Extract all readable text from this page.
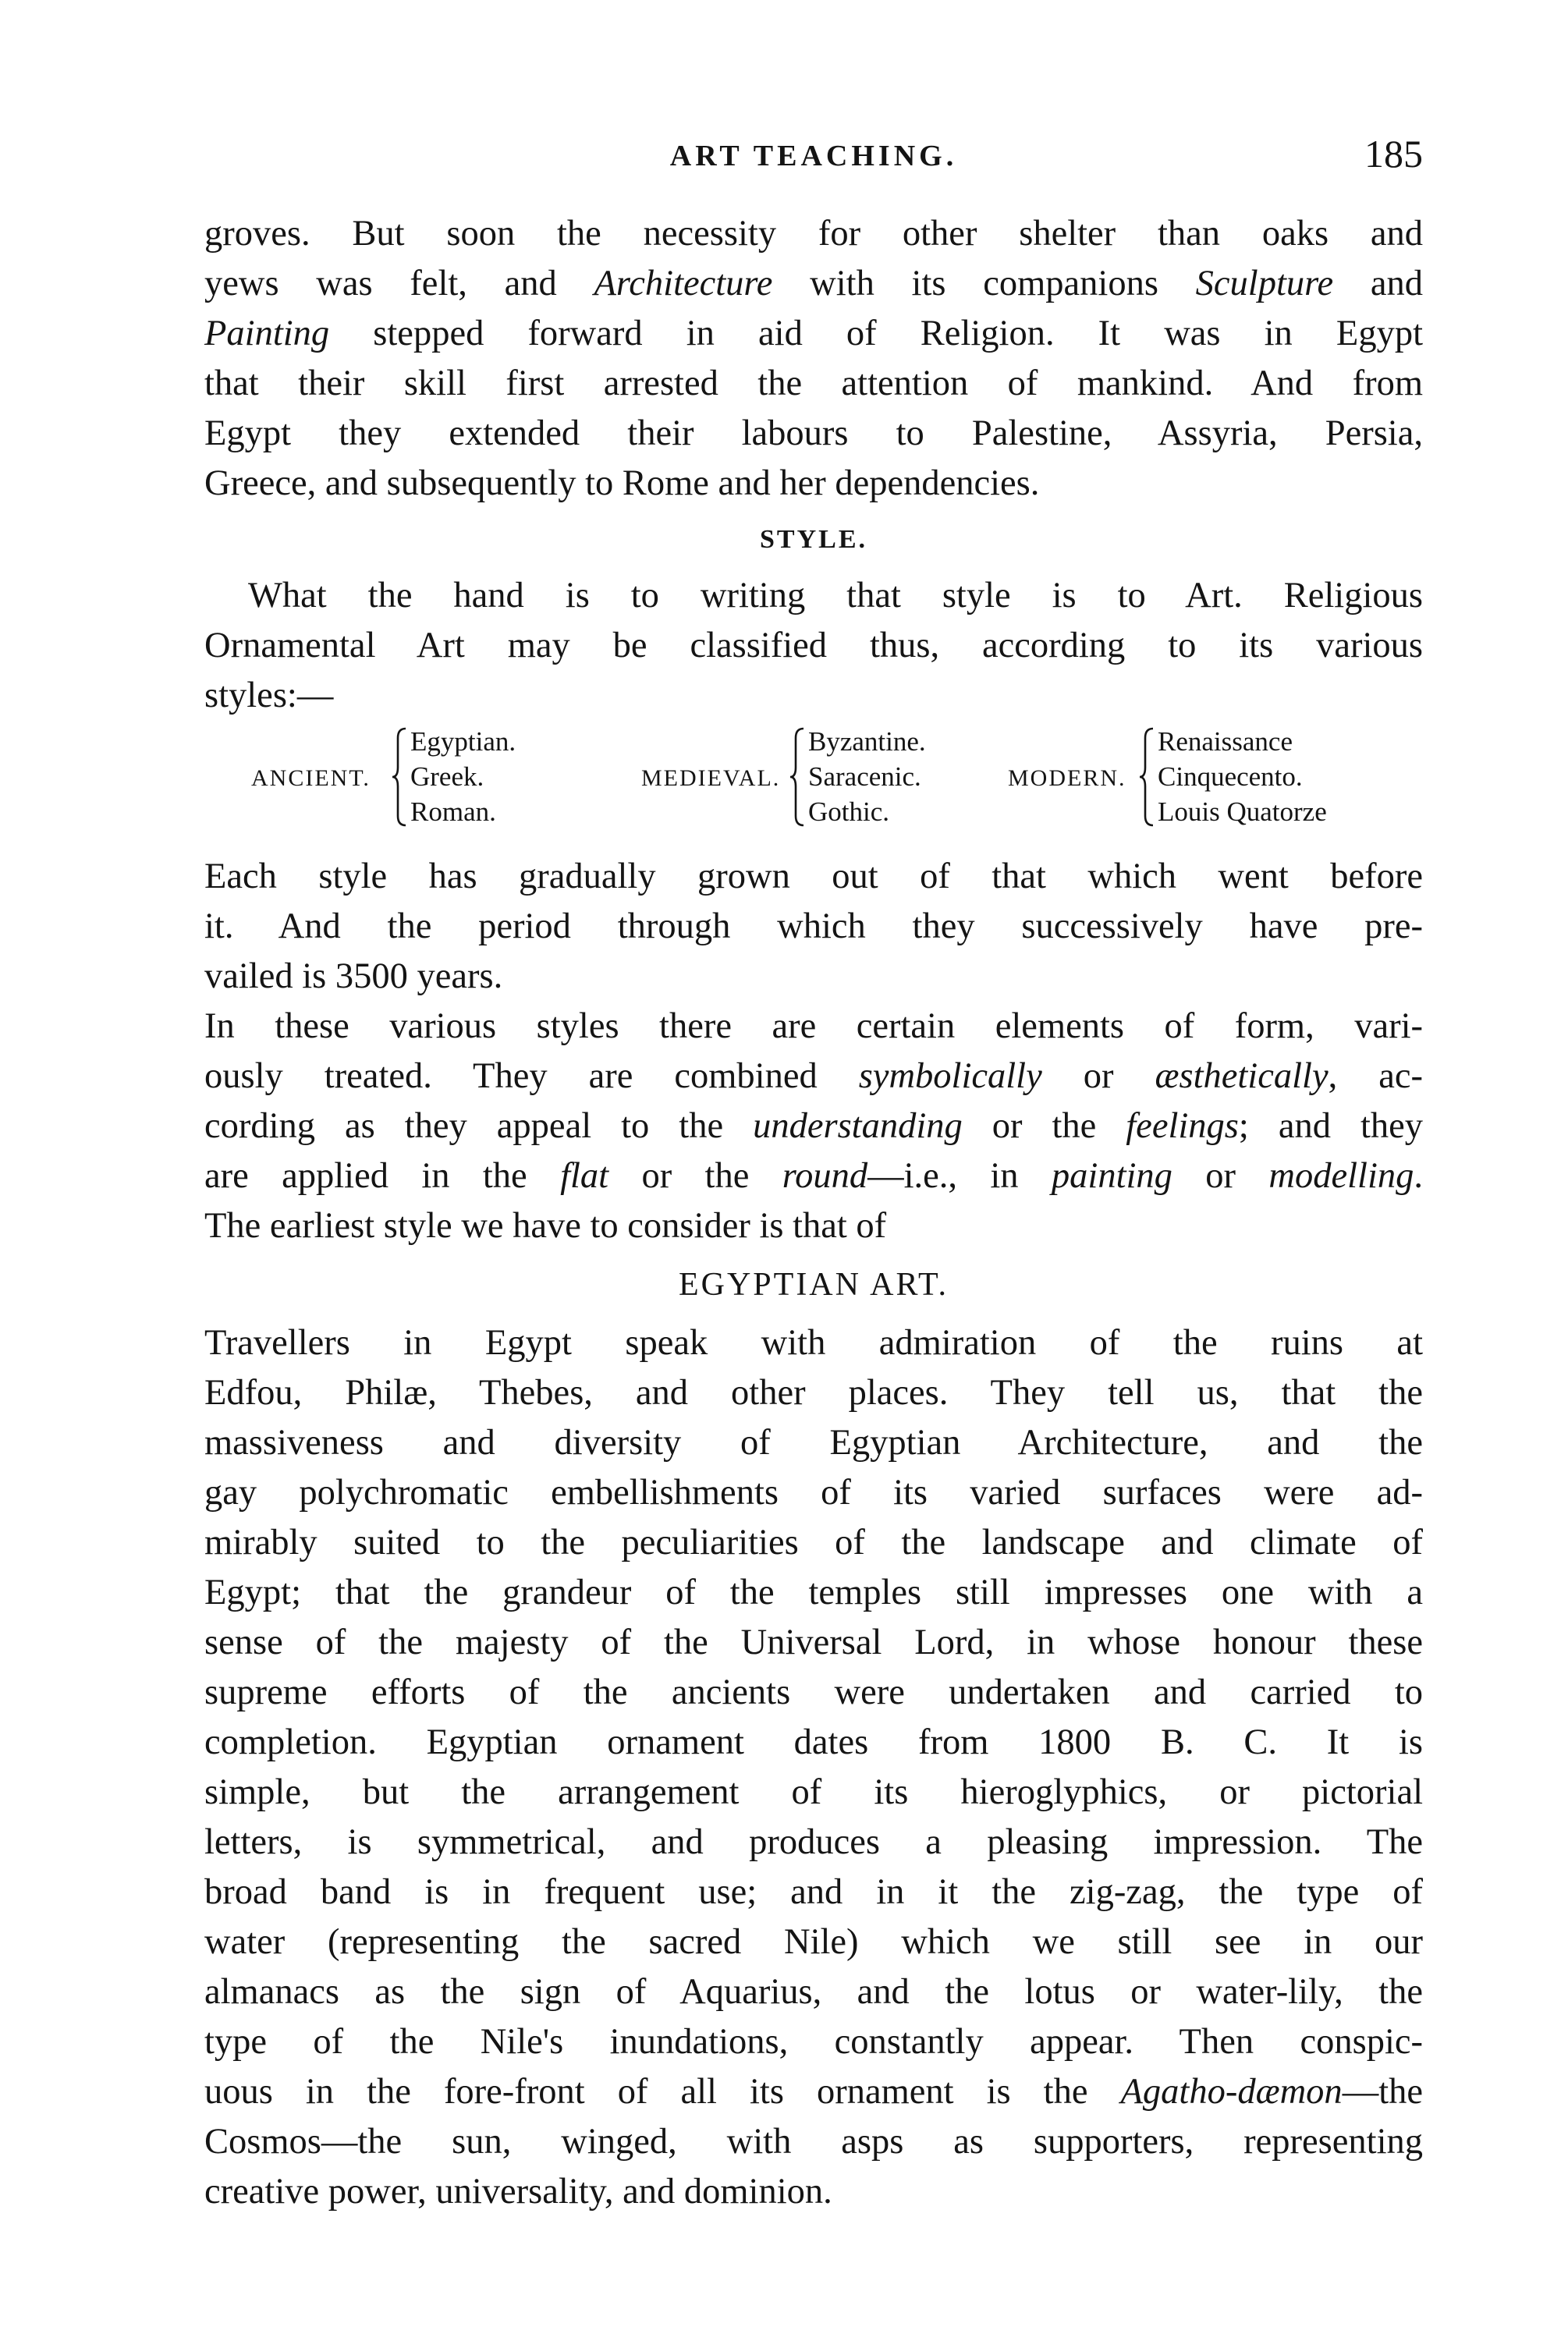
ART TEACHING.	185

groves. But soon the necessity for other shelter than oaks and

yews was felt, and Architecture with its companions Sculpture and

Painting stepped forward in aid of Religion. It was in Egypt

that their skill first arrested the attention of mankind. And from

Egypt they extended their labours to Palestine, Assyria, Persia,

Greece, and subsequently to Rome and her dependencies.

STYLE.

What the hand is to writing that style is to Art. Religious

Ornamental Art may be classified thus, according to its various

styles:—

ANCIENT.
Egyptian.
Greek.
Roman.
MEDIEVAL.
Byzantine.
Saracenic.
Gothic.
MODERN.
Renaissance
Cinquecento.
Louis Quatorze

Each style has gradually grown out of that which went before

it. And the period through which they successively have pre-

vailed is 3500 years.

In these various styles there are certain elements of form, vari-

ously treated. They are combined symbolically or æsthetically, ac-

cording as they appeal to the understanding or the feelings; and they

are applied in the flat or the round—i.e., in painting or modelling.

The earliest style we have to consider is that of

EGYPTIAN ART.

Travellers in Egypt speak with admiration of the ruins at

Edfou, Philæ, Thebes, and other places. They tell us, that the

massiveness and diversity of Egyptian Architecture, and the

gay polychromatic embellishments of its varied surfaces were ad-

mirably suited to the peculiarities of the landscape and climate of

Egypt; that the grandeur of the temples still impresses one with a

sense of the majesty of the Universal Lord, in whose honour these

supreme efforts of the ancients were undertaken and carried to

completion. Egyptian ornament dates from 1800 B. C. It is

simple, but the arrangement of its hieroglyphics, or pictorial

letters, is symmetrical, and produces a pleasing impression. The

broad band is in frequent use; and in it the zig-zag, the type of

water (representing the sacred Nile) which we still see in our

almanacs as the sign of Aquarius, and the lotus or water-lily, the

type of the Nile's inundations, constantly appear. Then conspic-

uous in the fore-front of all its ornament is the Agatho-dæmon—the

Cosmos—the sun, winged, with asps as supporters, representing

creative power, universality, and dominion.
